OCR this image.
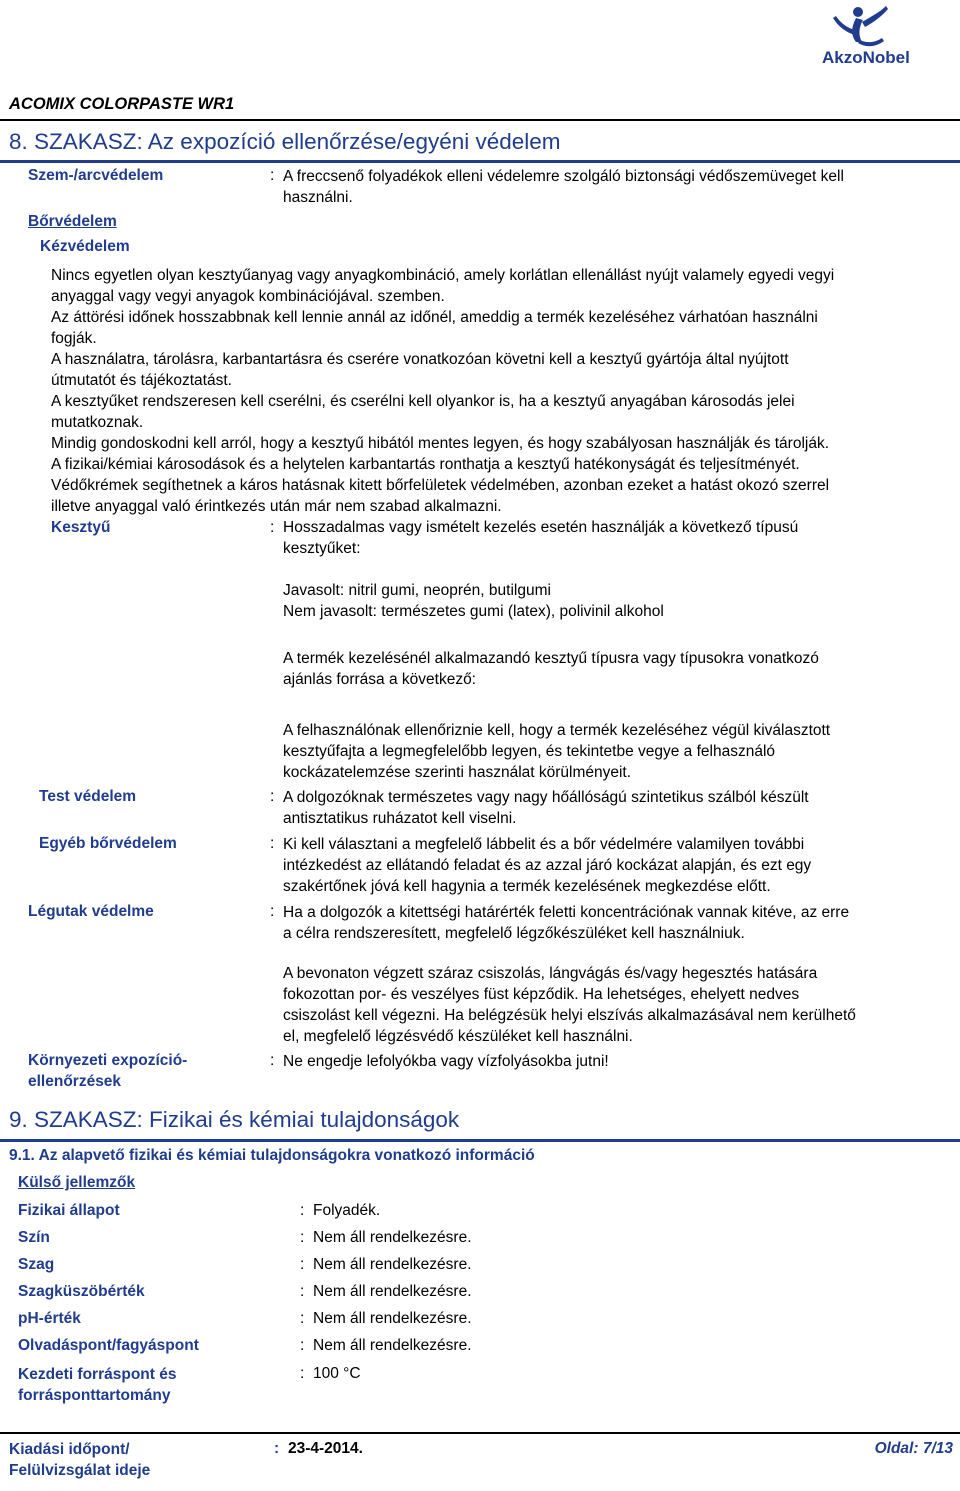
AkzoNobel
ACOMIX COLORPASTE WR1
8. SZAKASZ: Az expozíció ellenőrzése/egyéni védelem
Szem-/arcvédelem	: A freccsenő folyadékok elleni védelemre szolgáló biztonsági védőszemüveget kell
használni.
Bőrvédelem
Kézvédelem
Nincs egyetlen olyan kesztyűanyag vagy anyagkombináció, amely korlátlan ellenállást nyújt valamely egyedi vegyi
anyaggal vagy vegyi anyagok kombinációjával. szemben.
Az áttörési időnek hosszabbnak kell lennie annál az időnél, ameddig a termék kezeléséhez várhatóan használni
fogják.
A használatra, tárolásra, karbantartásra és cserére vonatkozóan követni kell a kesztyű gyártója által nyújtott
útmutatót és tájékoztatást.
A kesztyűket rendszeresen kell cserélni, és cserélni kell olyankor is, ha a kesztyű anyagában károsodás jelei
mutatkoznak.
Mindig gondoskodni kell arról, hogy a kesztyű hibától mentes legyen, és hogy szabályosan használják és tárolják.
A fizikai/kémiai károsodások és a helytelen karbantartás ronthatja a kesztyű hatékonyságát és teljesítményét.
Védőkrémek segíthetnek a káros hatásnak kitett bőrfelületek védelmében, azonban ezeket a hatást okozó szerrel
illetve anyaggal való érintkezés után már nem szabad alkalmazni.
Kesztyű	: Hosszadalmas vagy ismételt kezelés esetén használják a következő típusú
kesztyűket:
Javasolt: nitril gumi, neoprén, butilgumi
Nem javasolt: természetes gumi (latex), polivinil alkohol
A termék kezelésénél alkalmazandó kesztyű típusra vagy típusokra vonatkozó
ajánlás forrása a következő:
A felhasználónak ellenőriznie kell, hogy a termék kezeléséhez végül kiválasztott
kesztyűfajta a legmegfelelőbb legyen, és tekintetbe vegye a felhasználó
kockázatelemzése szerinti használat körülményeit.
Test védelem	: A dolgozóknak természetes vagy nagy hőállóságú szintetikus szálból készült
antisztatikus ruházatot kell viselni.
Egyéb bőrvédelem	: Ki kell választani a megfelelő lábbelit és a bőr védelmére valamilyen további
intézkedést az ellátandó feladat és az azzal járó kockázat alapján, és ezt egy
szakértőnek jóvá kell hagynia a termék kezelésének megkezdése előtt.
Légutak védelme	: Ha a dolgozók a kitettségi határérték feletti koncentrációnak vannak kitéve, az erre
a célra rendszeresített, megfelelő légzőkészüléket kell használniuk.
A bevonaton végzett száraz csiszolás, lángvágás és/vagy hegesztés hatására
fokozottan por- és veszélyes füst képződik. Ha lehetséges, ehelyett nedves
csiszolást kell végezni. Ha belégzésük helyi elszívás alkalmazásával nem kerülhető
el, megfelelő légzésvédő készüléket kell használni.
Környezeti expozíció-
ellenőrzések
: Ne engedje lefolyókba vagy vízfolyásokba jutni!
9. SZAKASZ: Fizikai és kémiai tulajdonságok
9.1. Az alapvető fizikai és kémiai tulajdonságokra vonatkozó információ
Külső jellemzők
Fizikai állapot	: Folyadék.
Szín	: Nem áll rendelkezésre.
Szag	: Nem áll rendelkezésre.
Szagküszöbérték	: Nem áll rendelkezésre.
pH-érték	: Nem áll rendelkezésre.
Olvadáspont/fagyáspont	: Nem áll rendelkezésre.
Kezdeti forráspont és
forrásponttartomány
: 100 °C
Kiadási időpont/
Felülvizsgálat ideje
: 23-4-2014.	Oldal: 7/13
